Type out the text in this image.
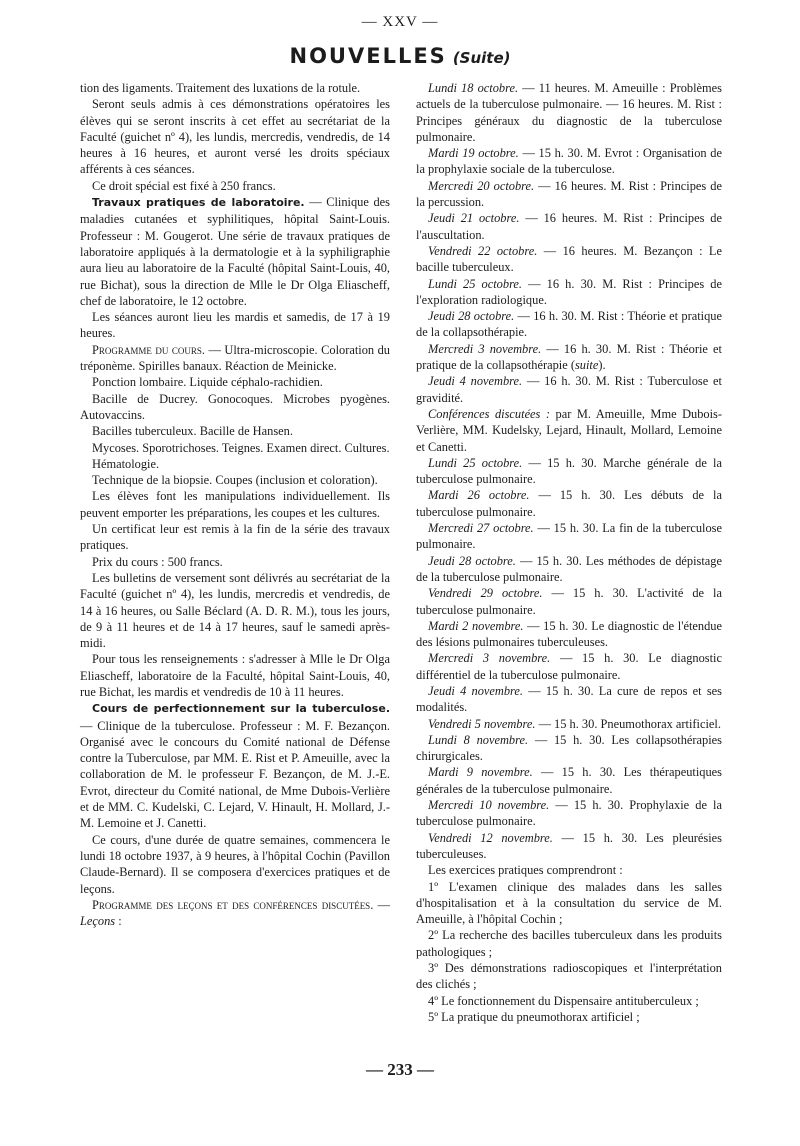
— XXV —
NOUVELLES (Suite)

tion des ligaments. Traitement des luxations de la rotule.

Seront seuls admis à ces démonstrations opératoires les élèves qui se seront inscrits à cet effet au secrétariat de la Faculté (guichet nº 4), les lundis, mercredis, vendredis, de 14 heures à 16 heures, et auront versé les droits spéciaux afférents à ces séances.

Ce droit spécial est fixé à 250 francs.

Travaux pratiques de laboratoire. — Clinique des maladies cutanées et syphilitiques, hôpital Saint-Louis. Professeur : M. Gougerot. Une série de travaux pratiques de laboratoire appliqués à la dermatologie et à la syphiligraphie aura lieu au laboratoire de la Faculté (hôpital Saint-Louis, 40, rue Bichat), sous la direction de Mlle le Dr Olga Eliascheff, chef de laboratoire, le 12 octobre.

Les séances auront lieu les mardis et samedis, de 17 à 19 heures.

Programme du cours. — Ultra-microscopie. Coloration du tréponème. Spirilles banaux. Réaction de Meinicke.

Ponction lombaire. Liquide céphalo-rachidien.

Bacille de Ducrey. Gonocoques. Microbes pyogènes. Autovaccins.

Bacilles tuberculeux. Bacille de Hansen.

Mycoses. Sporotrichoses. Teignes. Examen direct. Cultures.

Hématologie.

Technique de la biopsie. Coupes (inclusion et coloration).

Les élèves font les manipulations individuellement. Ils peuvent emporter les préparations, les coupes et les cultures.

Un certificat leur est remis à la fin de la série des travaux pratiques.

Prix du cours : 500 francs.

Les bulletins de versement sont délivrés au secrétariat de la Faculté (guichet nº 4), les lundis, mercredis et vendredis, de 14 à 16 heures, ou Salle Béclard (A. D. R. M.), tous les jours, de 9 à 11 heures et de 14 à 17 heures, sauf le samedi après-midi.

Pour tous les renseignements : s'adresser à Mlle le Dr Olga Eliascheff, laboratoire de la Faculté, hôpital Saint-Louis, 40, rue Bichat, les mardis et vendredis de 10 à 11 heures.

Cours de perfectionnement sur la tuberculose. — Clinique de la tuberculose. Professeur : M. F. Bezançon. Organisé avec le concours du Comité national de Défense contre la Tuberculose, par MM. E. Rist et P. Ameuille, avec la collaboration de M. le professeur F. Bezançon, de M. J.-E. Evrot, directeur du Comité national, de Mme Dubois-Verlière et de MM. C. Kudelski, C. Lejard, V. Hinault, H. Mollard, J.-M. Lemoine et J. Canetti.

Ce cours, d'une durée de quatre semaines, commencera le lundi 18 octobre 1937, à 9 heures, à l'hôpital Cochin (Pavillon Claude-Bernard). Il se composera d'exercices pratiques et de leçons.

Programme des leçons et des conférences discutées. — Leçons :

Lundi 18 octobre. — 11 heures. M. Ameuille : Problèmes actuels de la tuberculose pulmonaire. — 16 heures. M. Rist : Principes généraux du diagnostic de la tuberculose pulmonaire.

Mardi 19 octobre. — 15 h. 30. M. Evrot : Organisation de la prophylaxie sociale de la tuberculose.

Mercredi 20 octobre. — 16 heures. M. Rist : Principes de la percussion.

Jeudi 21 octobre. — 16 heures. M. Rist : Principes de l'auscultation.

Vendredi 22 octobre. — 16 heures. M. Bezançon : Le bacille tuberculeux.

Lundi 25 octobre. — 16 h. 30. M. Rist : Principes de l'exploration radiologique.

Jeudi 28 octobre. — 16 h. 30. M. Rist : Théorie et pratique de la collapsothérapie.

Mercredi 3 novembre. — 16 h. 30. M. Rist : Théorie et pratique de la collapsothérapie (suite).

Jeudi 4 novembre. — 16 h. 30. M. Rist : Tuberculose et gravidité.

Conférences discutées : par M. Ameuille, Mme Dubois-Verlière, MM. Kudelsky, Lejard, Hinault, Mollard, Lemoine et Canetti.

Lundi 25 octobre. — 15 h. 30. Marche générale de la tuberculose pulmonaire.

Mardi 26 octobre. — 15 h. 30. Les débuts de la tuberculose pulmonaire.

Mercredi 27 octobre. — 15 h. 30. La fin de la tuberculose pulmonaire.

Jeudi 28 octobre. — 15 h. 30. Les méthodes de dépistage de la tuberculose pulmonaire.

Vendredi 29 octobre. — 15 h. 30. L'activité de la tuberculose pulmonaire.

Mardi 2 novembre. — 15 h. 30. Le diagnostic de l'étendue des lésions pulmonaires tuberculeuses.

Mercredi 3 novembre. — 15 h. 30. Le diagnostic différentiel de la tuberculose pulmonaire.

Jeudi 4 novembre. — 15 h. 30. La cure de repos et ses modalités.

Vendredi 5 novembre. — 15 h. 30. Pneumothorax artificiel.

Lundi 8 novembre. — 15 h. 30. Les collapsothérapies chirurgicales.

Mardi 9 novembre. — 15 h. 30. Les thérapeutiques générales de la tuberculose pulmonaire.

Mercredi 10 novembre. — 15 h. 30. Prophylaxie de la tuberculose pulmonaire.

Vendredi 12 novembre. — 15 h. 30. Les pleurésies tuberculeuses.

Les exercices pratiques comprendront :

1º L'examen clinique des malades dans les salles d'hospitalisation et à la consultation du service de M. Ameuille, à l'hôpital Cochin ;

2º La recherche des bacilles tuberculeux dans les produits pathologiques ;

3º Des démonstrations radioscopiques et l'interprétation des clichés ;

4º Le fonctionnement du Dispensaire antituberculeux ;

5º La pratique du pneumothorax artificiel ;

— 233 —
